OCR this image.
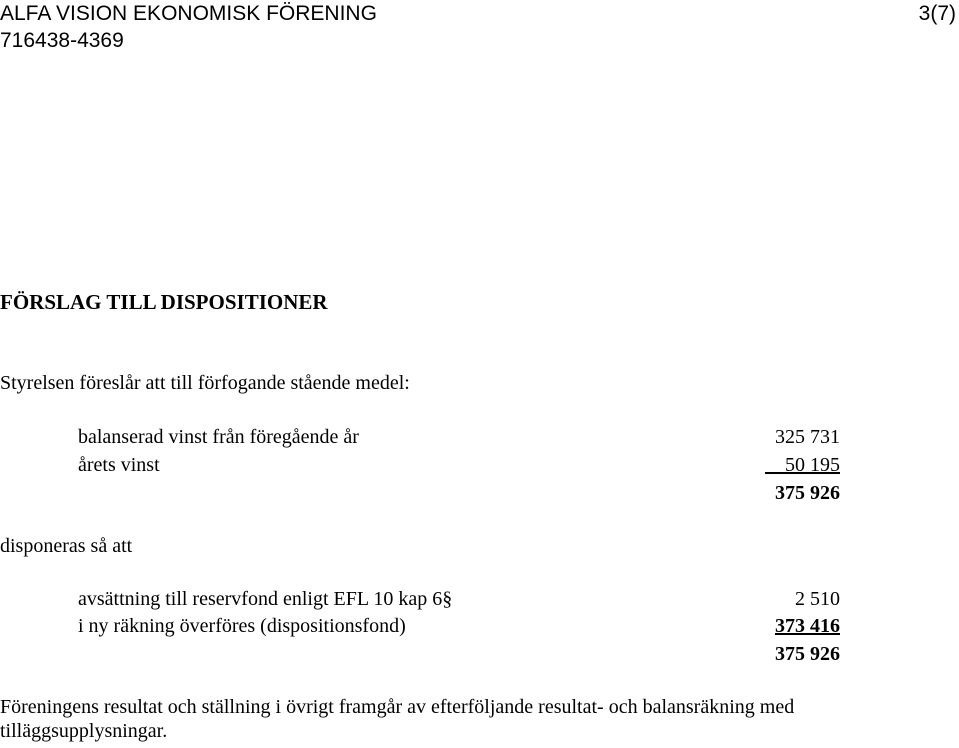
ALFA VISION EKONOMISK FÖRENING
716438-4369
3(7)
FÖRSLAG TILL DISPOSITIONER
Styrelsen föreslår att till förfogande stående medel:
balanserad vinst från föregående år	325 731
årets vinst	50 195
375 926
disponeras så att
avsättning till reservfond enligt EFL 10 kap 6§	2 510
i ny räkning överföres (dispositionsfond)	373 416
375 926
Föreningens resultat och ställning i övrigt framgår av efterföljande resultat- och balansräkning med
tilläggsupplysningar.
